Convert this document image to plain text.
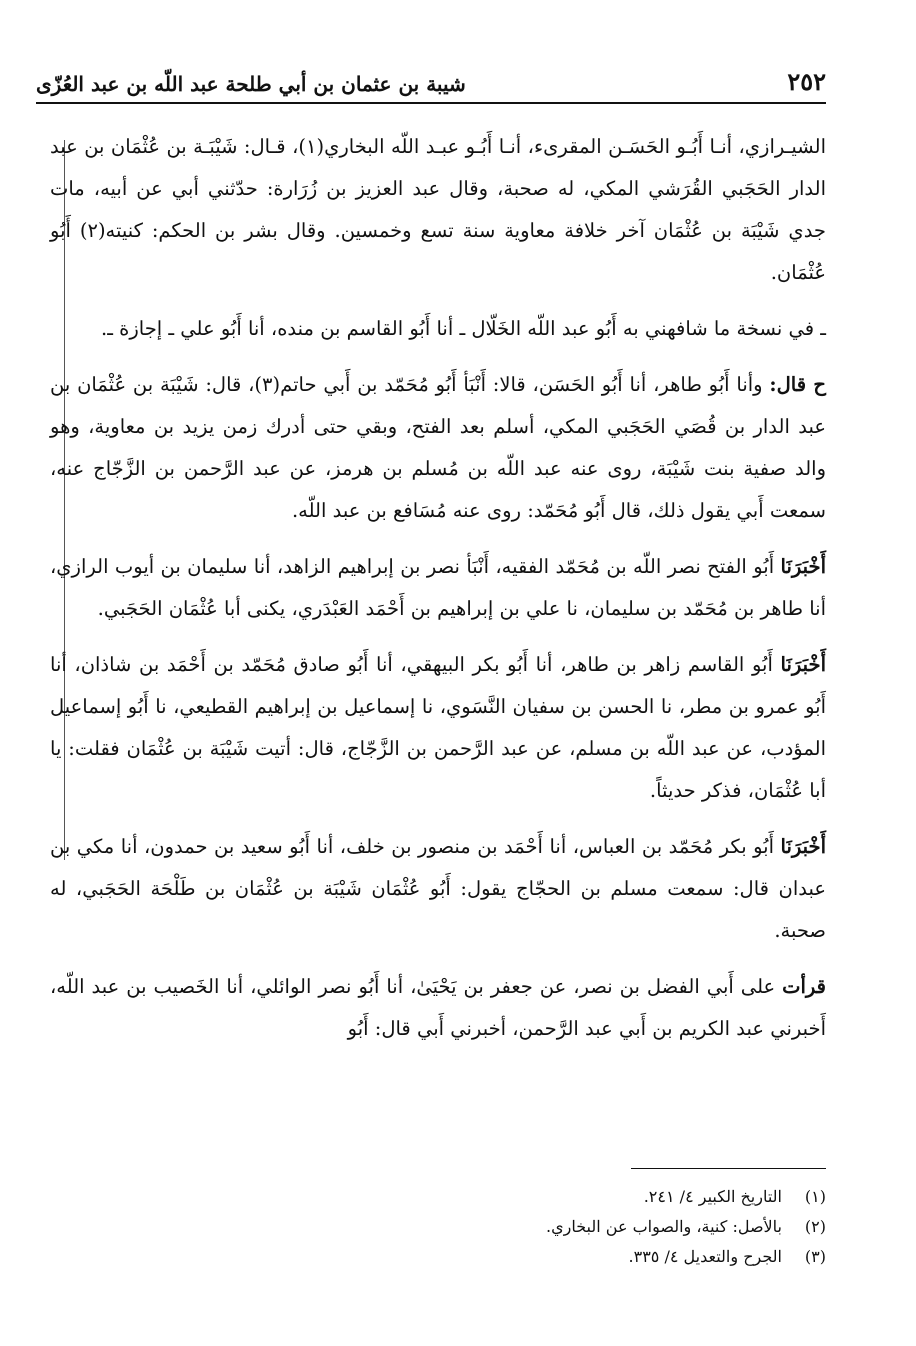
٢٥٢
شيبة بن عثمان بن أبي طلحة عبد اللّه بن عبد العُزّى

الشيـرازي، أنـا أَبُـو الحَسَـن المقرىء، أنـا أَبُـو عبـد اللّه البخاري(١)، قـال: شَيْبَـة بن عُثْمَان بن عبد الدار الحَجَبي القُرَشي المكي، له صحبة، وقال عبد العزيز بن زُرَارة: حدّثني أبي عن أبيه، مات جدي شَيْبَة بن عُثْمَان آخر خلافة معاوية سنة تسع وخمسين. وقال بشر بن الحكم: كنيته(٢) أَبُو عُثْمَان.

ـ في نسخة ما شافهني به أَبُو عبد اللّه الخَلّال ـ أنا أَبُو القاسم بن منده، أنا أَبُو علي ـ إجازة ـ.

ح قال: وأنا أَبُو طاهر، أنا أَبُو الحَسَن، قالا: أَنْبَأ أَبُو مُحَمّد بن أَبي حاتم(٣)، قال: شَيْبَة بن عُثْمَان بن عبد الدار بن قُصَي الحَجَبي المكي، أسلم بعد الفتح، وبقي حتى أدرك زمن يزيد بن معاوية، وهو والد صفية بنت شَيْبَة، روى عنه عبد اللّه بن مُسلم بن هرمز، عن عبد الرَّحمن بن الزَّجّاج عنه، سمعت أَبي يقول ذلك، قال أَبُو مُحَمّد: روى عنه مُسَافع بن عبد اللّه.

أَخْبَرَنَا أَبُو الفتح نصر اللّه بن مُحَمّد الفقيه، أَنْبَأ نصر بن إبراهيم الزاهد، أنا سليمان بن أيوب الرازي، أنا طاهر بن مُحَمّد بن سليمان، نا علي بن إبراهيم بن أَحْمَد العَبْدَري، يكنى أبا عُثْمَان الحَجَبي.

أَخْبَرَنَا أَبُو القاسم زاهر بن طاهر، أنا أَبُو بكر البيهقي، أنا أَبُو صادق مُحَمّد بن أَحْمَد بن شاذان، أنا أَبُو عمرو بن مطر، نا الحسن بن سفيان النَّسَوي، نا إسماعيل بن إبراهيم القطيعي، نا أَبُو إسماعيل المؤدب، عن عبد اللّه بن مسلم، عن عبد الرَّحمن بن الزَّجّاج، قال: أتيت شَيْبَة بن عُثْمَان فقلت: يا أبا عُثْمَان، فذكر حديثاً.

أَخْبَرَنَا أَبُو بكر مُحَمّد بن العباس، أنا أَحْمَد بن منصور بن خلف، أنا أَبُو سعيد بن حمدون، أنا مكي بن عبدان قال: سمعت مسلم بن الحجّاج يقول: أَبُو عُثْمَان شَيْبَة بن عُثْمَان بن طَلْحَة الحَجَبي، له صحبة.

قرأت على أَبي الفضل بن نصر، عن جعفر بن يَحْيَىٰ، أنا أَبُو نصر الوائلي، أنا الخَصيب بن عبد اللّه، أَخبرني عبد الكريم بن أَبي عبد الرَّحمن، أخبرني أَبي قال: أَبُو

(١)
التاريخ الكبير ٤/ ٢٤١.
(٢)
بالأصل: كنية، والصواب عن البخاري.
(٣)
الجرح والتعديل ٤/ ٣٣٥.
